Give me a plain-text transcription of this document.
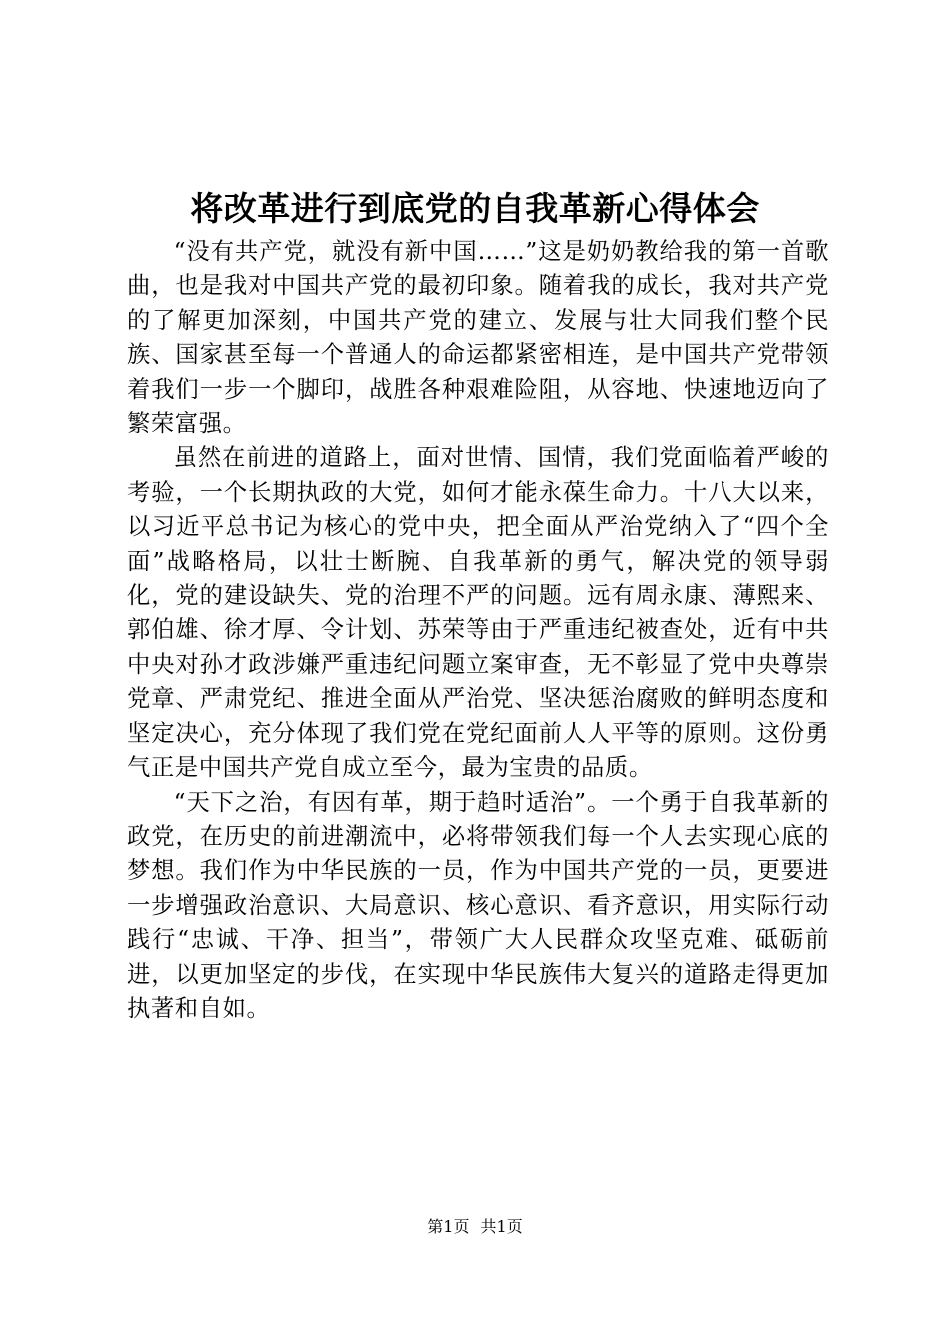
将改革进行到底党的自我革新心得体会

“没有共产党，就没有新中国……”这是奶奶教给我的第一首歌曲，也是我对中国共产党的最初印象。随着我的成长，我对共产党的了解更加深刻，中国共产党的建立、发展与壮大同我们整个民族、国家甚至每一个普通人的命运都紧密相连，是中国共产党带领着我们一步一个脚印，战胜各种艰难险阻，从容地、快速地迈向了繁荣富强。

虽然在前进的道路上，面对世情、国情，我们党面临着严峻的考验，一个长期执政的大党，如何才能永葆生命力。十八大以来，以习近平总书记为核心的党中央，把全面从严治党纳入了“四个全面”战略格局，以壮士断腕、自我革新的勇气，解决党的领导弱化，党的建设缺失、党的治理不严的问题。远有周永康、薄熙来、郭伯雄、徐才厚、令计划、苏荣等由于严重违纪被查处，近有中共中央对孙才政涉嫌严重违纪问题立案审查，无不彰显了党中央尊崇党章、严肃党纪、推进全面从严治党、坚决惩治腐败的鲜明态度和坚定决心，充分体现了我们党在党纪面前人人平等的原则。这份勇气正是中国共产党自成立至今，最为宝贵的品质。

“天下之治，有因有革，期于趋时适治”。一个勇于自我革新的政党，在历史的前进潮流中，必将带领我们每一个人去实现心底的梦想。我们作为中华民族的一员，作为中国共产党的一员，更要进一步增强政治意识、大局意识、核心意识、看齐意识，用实际行动践行“忠诚、干净、担当”，带领广大人民群众攻坚克难、砥砺前进，以更加坚定的步伐，在实现中华民族伟大复兴的道路走得更加执著和自如。

第1页 共1页
